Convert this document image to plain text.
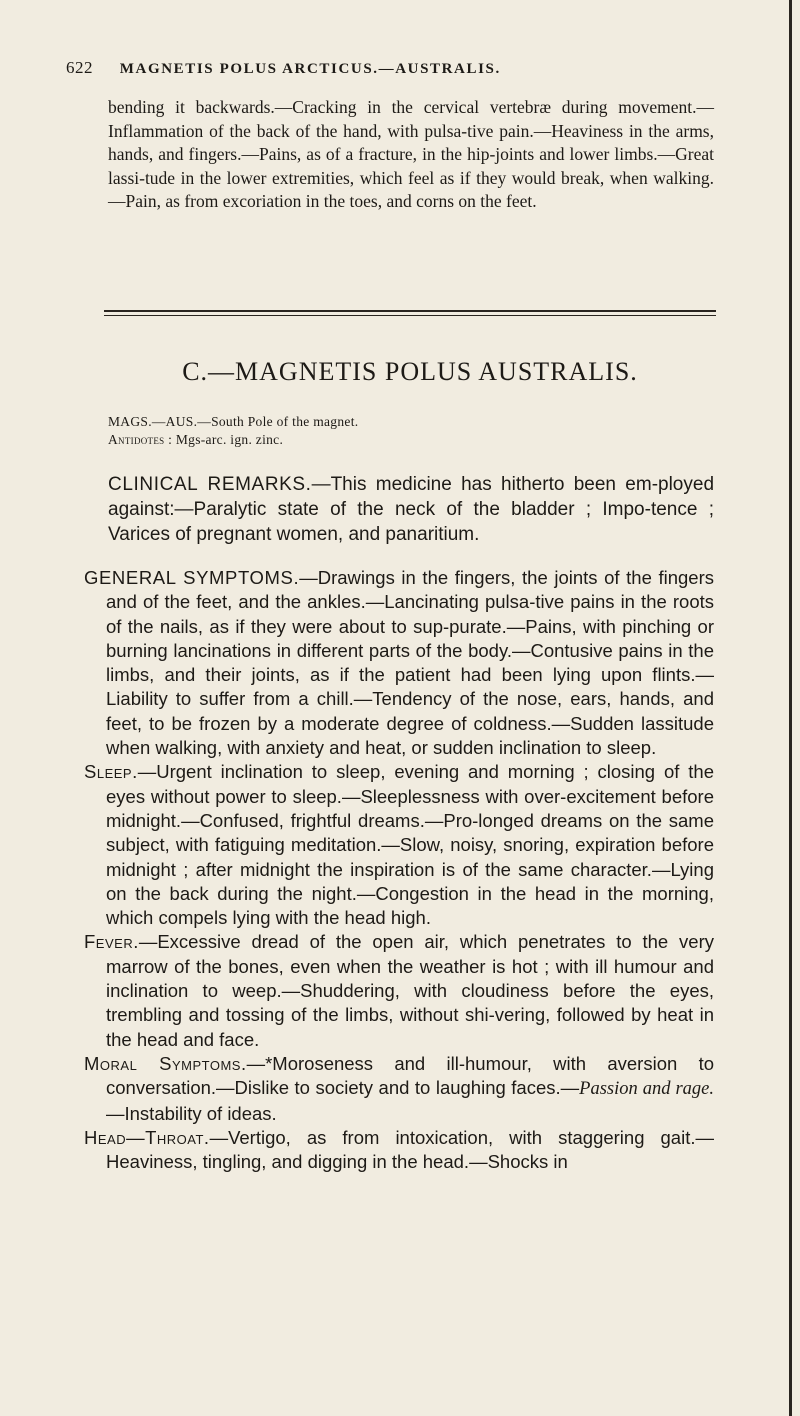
622 MAGNETIS POLUS ARCTICUS.—AUSTRALIS.

bending it backwards.—Cracking in the cervical vertebræ during movement.—Inflammation of the back of the hand, with pulsa-tive pain.—Heaviness in the arms, hands, and fingers.—Pains, as of a fracture, in the hip-joints and lower limbs.—Great lassi-tude in the lower extremities, which feel as if they would break, when walking.—Pain, as from excoriation in the toes, and corns on the feet.

C.—MAGNETIS POLUS AUSTRALIS.
MAGS.—AUS.—South Pole of the magnet.
Antidotes : Mgs-arc. ign. zinc.

CLINICAL REMARKS.—This medicine has hitherto been em-ployed against:—Paralytic state of the neck of the bladder ; Impo-tence ; Varices of pregnant women, and panaritium.

GENERAL SYMPTOMS.—Drawings in the fingers, the joints of the fingers and of the feet, and the ankles.—Lancinating pulsa-tive pains in the roots of the nails, as if they were about to sup-purate.—Pains, with pinching or burning lancinations in different parts of the body.—Contusive pains in the limbs, and their joints, as if the patient had been lying upon flints.—Liability to suffer from a chill.—Tendency of the nose, ears, hands, and feet, to be frozen by a moderate degree of coldness.—Sudden lassitude when walking, with anxiety and heat, or sudden inclination to sleep.

Sleep.—Urgent inclination to sleep, evening and morning ; closing of the eyes without power to sleep.—Sleeplessness with over-excitement before midnight.—Confused, frightful dreams.—Pro-longed dreams on the same subject, with fatiguing meditation.—Slow, noisy, snoring, expiration before midnight ; after midnight the inspiration is of the same character.—Lying on the back during the night.—Congestion in the head in the morning, which compels lying with the head high.

Fever.—Excessive dread of the open air, which penetrates to the very marrow of the bones, even when the weather is hot ; with ill humour and inclination to weep.—Shuddering, with cloudiness before the eyes, trembling and tossing of the limbs, without shi-vering, followed by heat in the head and face.

Moral Symptoms.—*Moroseness and ill-humour, with aversion to conversation.—Dislike to society and to laughing faces.—Passion and rage.—Instability of ideas.

Head—Throat.—Vertigo, as from intoxication, with staggering gait.—Heaviness, tingling, and digging in the head.—Shocks in
